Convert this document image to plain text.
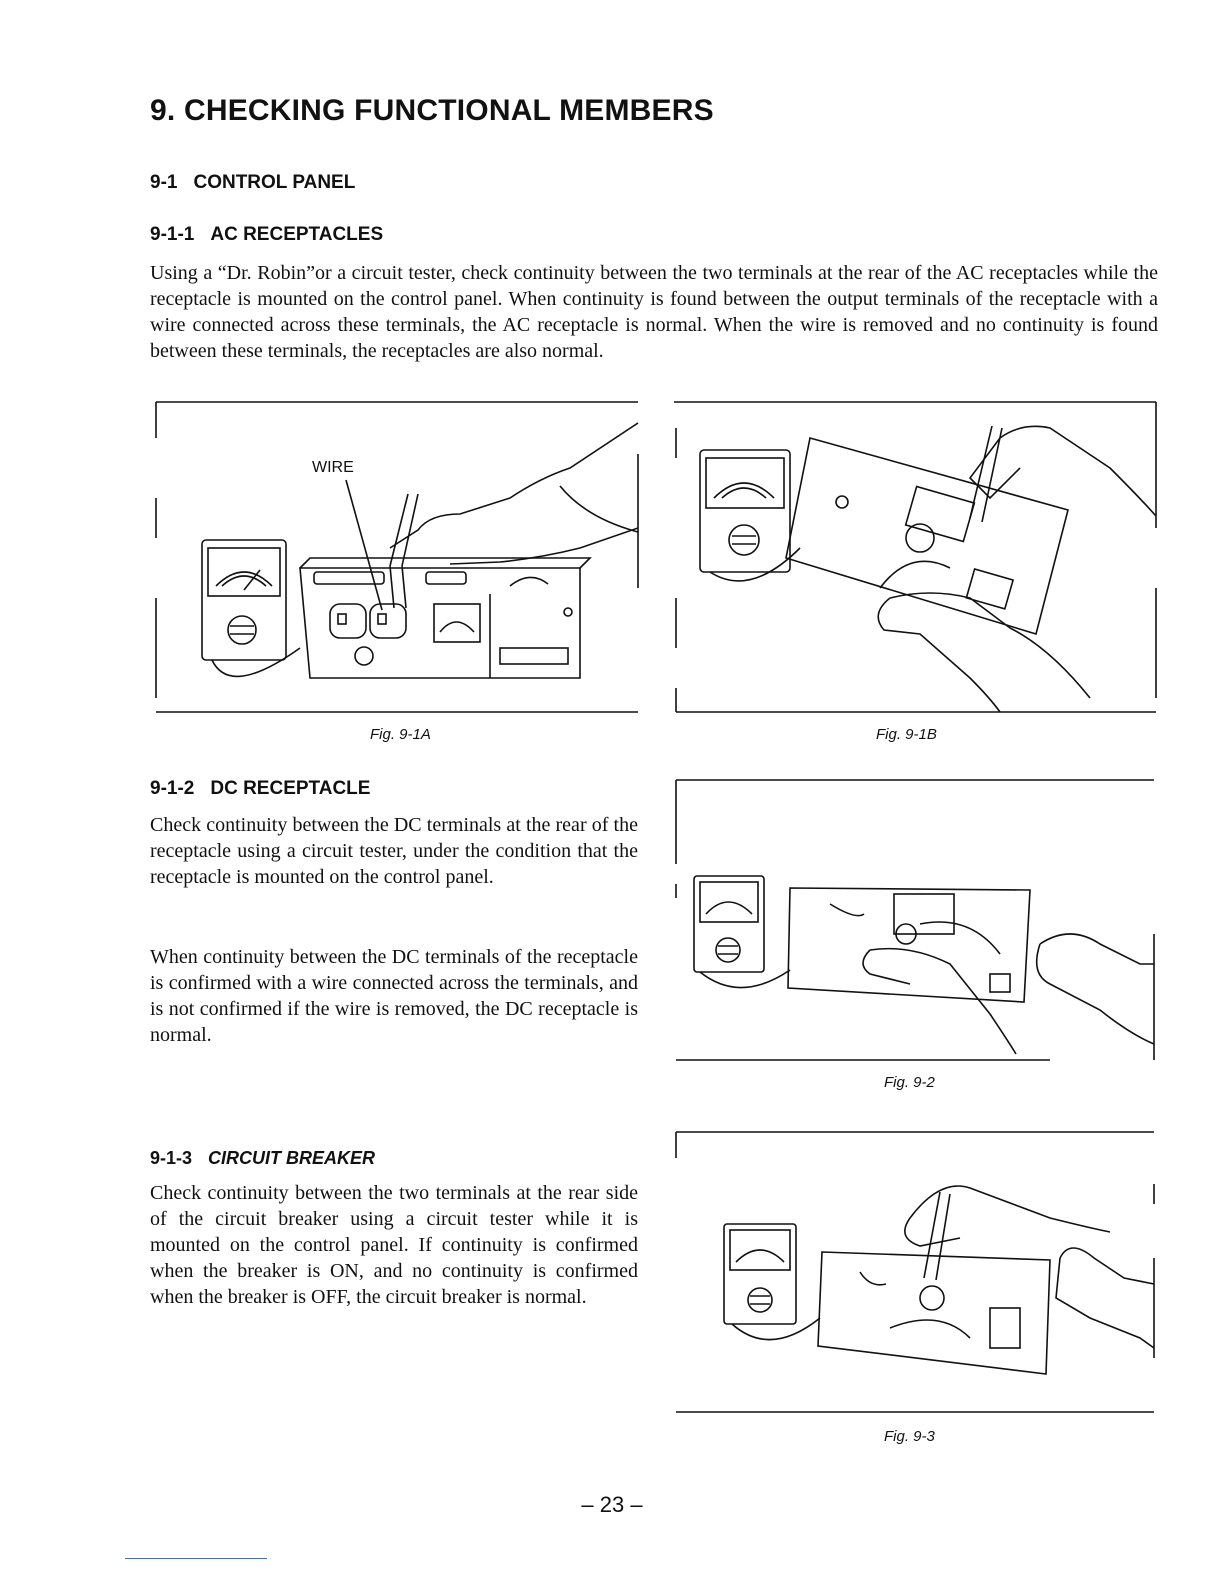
9. CHECKING FUNCTIONAL MEMBERS
9-1 CONTROL PANEL
9-1-1 AC RECEPTACLES

Using a “Dr. Robin”or a circuit tester, check continuity between the two terminals at the rear of the AC receptacles while the receptacle is mounted on the control panel. When continuity is found between the output terminals of the receptacle with a wire connected across these terminals, the AC receptacle is normal. When the wire is removed and no continuity is found between these terminals, the receptacles are also normal.

WIRE
Fig. 9-1A	Fig. 9-1B
9-1-2 DC RECEPTACLE

Check continuity between the DC terminals at the rear of the receptacle using a circuit tester, under the condition that the receptacle is mounted on the control panel.

When continuity between the DC terminals of the receptacle is confirmed with a wire connected across the terminals, and is not confirmed if the wire is removed, the DC receptacle is normal.

Fig. 9-2
9-1-3 CIRCUIT BREAKER

Check continuity between the two terminals at the rear side of the circuit breaker using a circuit tester while it is mounted on the control panel. If continuity is confirmed when the breaker is ON, and no continuity is confirmed when the breaker is OFF, the circuit breaker is normal.

Fig. 9-3
– 23 –
